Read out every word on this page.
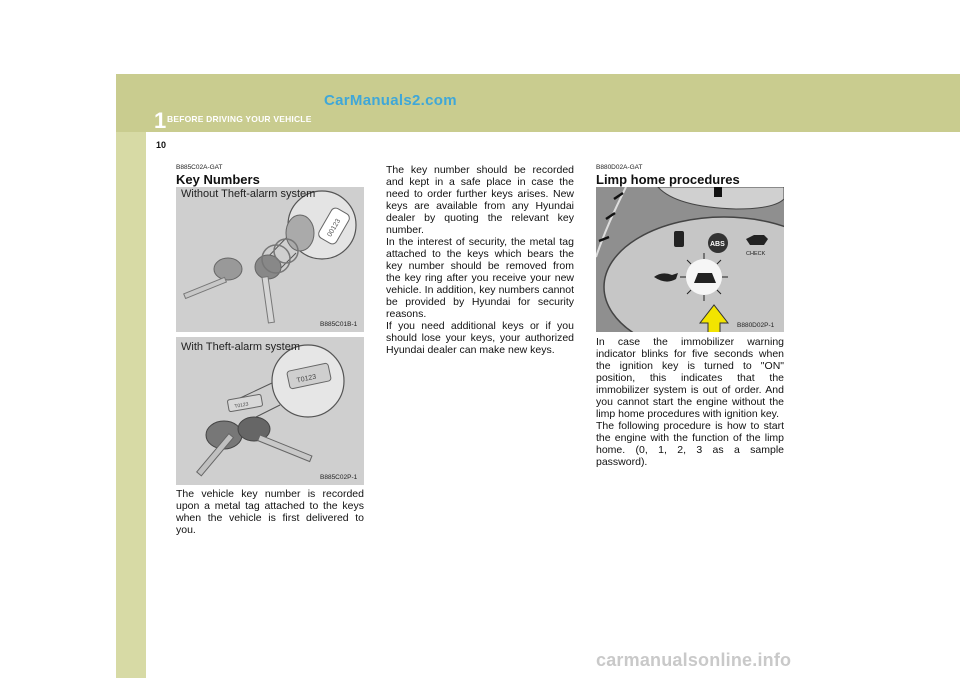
1 BEFORE DRIVING YOUR VEHICLE
CarManuals2.com
10
B885C02A-GAT
Key Numbers
Without Theft-alarm system
00123
B885C01B-1
With Theft-alarm system
T0123
T0123
B885C02P-1
The vehicle key number is recorded upon a metal tag attached to the keys when the vehicle is first delivered to you.

The key number should be recorded and kept in a safe place in case the need to order further keys arises. New keys are available from any Hyundai dealer by quoting the relevant key number.

In the interest of security, the metal tag attached to the keys which bears the key number should be removed from the key ring after you receive your new vehicle. In addition, key numbers cannot be provided by Hyundai for security reasons.

If you need additional keys or if you should lose your keys, your authorized Hyundai dealer can make new keys.

B880D02A-GAT
Limp home procedures
ABS
CHECK
B880D02P-1

In case the immobilizer warning indicator blinks for five seconds when the ignition key is turned to "ON" position, this indicates that the immobilizer system is out of order. And you cannot start the engine without the limp home procedures with ignition key.

The following procedure is how to start the engine with the function of the limp home. (0, 1, 2, 3 as a sample password).

carmanualsonline.info
